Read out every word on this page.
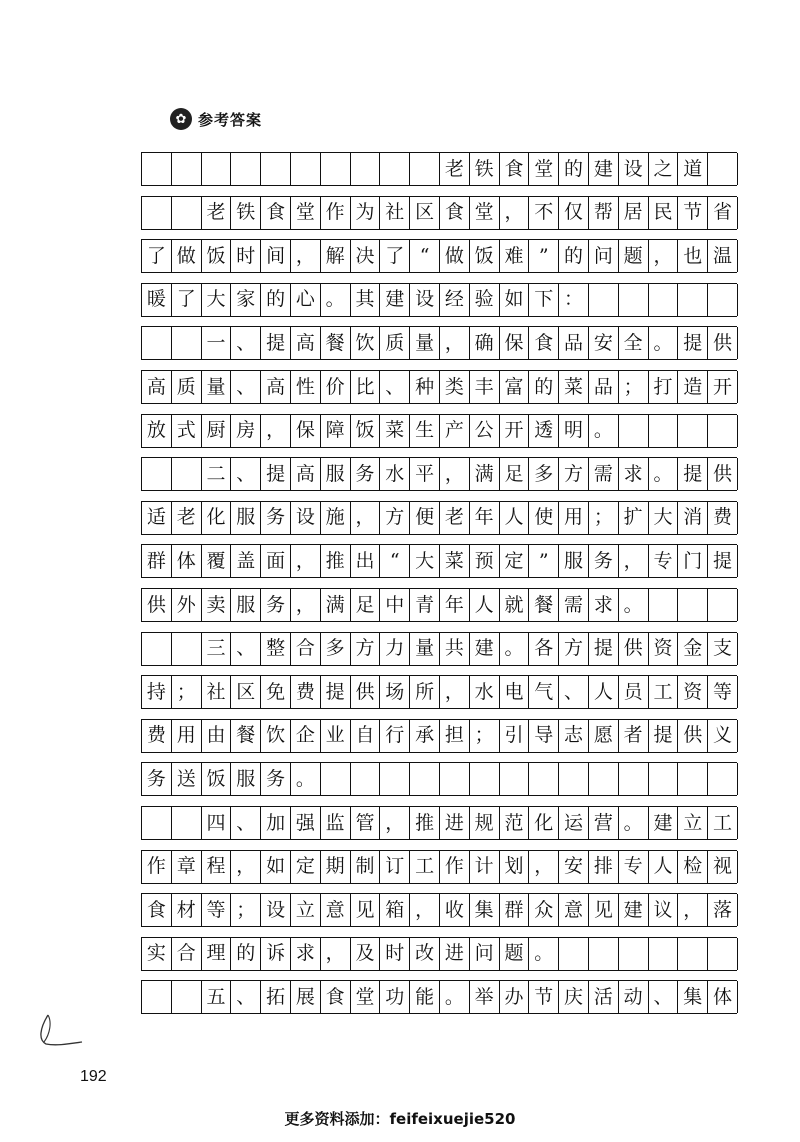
✿ 参考答案
老 铁 食 堂 的 建 设 之 道
老 铁 食 堂 作 为 社 区 食 堂 ， 不 仅 帮 居 民 节 省
了 做 饭 时 间 ， 解 决 了 “ 做 饭 难 ” 的 问 题 ， 也 温
暖 了 大 家 的 心 。 其 建 设 经 验 如 下 ：
一 、 提 高 餐 饮 质 量 ， 确 保 食 品 安 全 。 提 供
高 质 量 、 高 性 价 比 、 种 类 丰 富 的 菜 品 ； 打 造 开
放 式 厨 房 ， 保 障 饭 菜 生 产 公 开 透 明 。
二 、 提 高 服 务 水 平 ， 满 足 多 方 需 求 。 提 供
适 老 化 服 务 设 施 ， 方 便 老 年 人 使 用 ； 扩 大 消 费
群 体 覆 盖 面 ， 推 出 “ 大 菜 预 定 ” 服 务 ， 专 门 提
供 外 卖 服 务 ， 满 足 中 青 年 人 就 餐 需 求 。
三 、 整 合 多 方 力 量 共 建 。 各 方 提 供 资 金 支
持 ； 社 区 免 费 提 供 场 所 ， 水 电 气 、 人 员 工 资 等
费 用 由 餐 饮 企 业 自 行 承 担 ； 引 导 志 愿 者 提 供 义
务 送 饭 服 务 。
四 、 加 强 监 管 ， 推 进 规 范 化 运 营 。 建 立 工
作 章 程 ， 如 定 期 制 订 工 作 计 划 ， 安 排 专 人 检 视
食 材 等 ； 设 立 意 见 箱 ， 收 集 群 众 意 见 建 议 ， 落
实 合 理 的 诉 求 ， 及 时 改 进 问 题 。
五 、 拓 展 食 堂 功 能 。 举 办 节 庆 活 动 、 集 体
192
更多资料添加：feifeixuejie520
